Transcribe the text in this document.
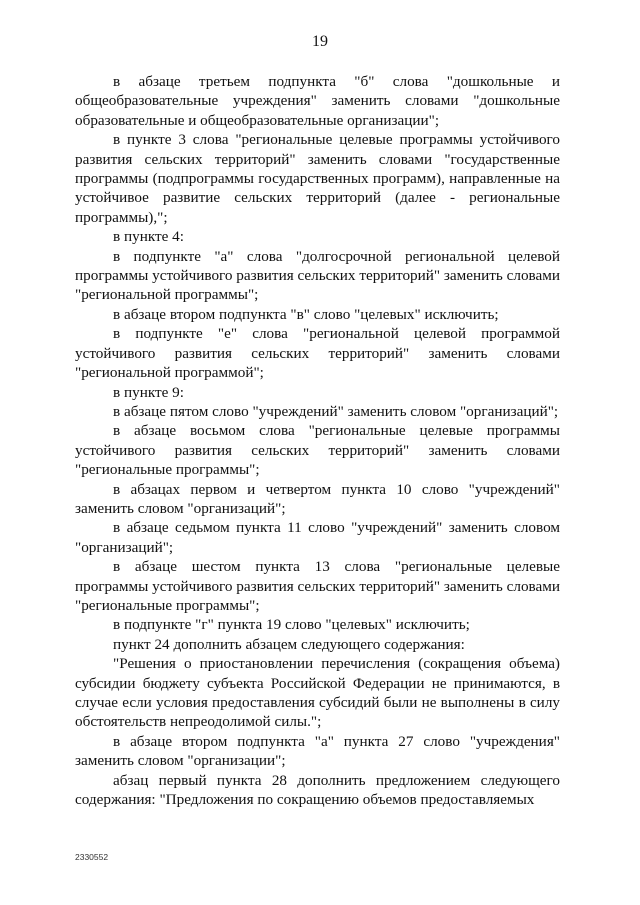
19

в абзаце третьем подпункта "б" слова "дошкольные и общеобразовательные учреждения" заменить словами "дошкольные образовательные и общеобразовательные организации";

в пункте 3 слова "региональные целевые программы устойчивого развития сельских территорий" заменить словами "государственные программы (подпрограммы государственных программ), направленные на устойчивое развитие сельских территорий (далее - региональные программы),";

в пункте 4:

в подпункте "а" слова "долгосрочной региональной целевой программы устойчивого развития сельских территорий" заменить словами "региональной программы";

в абзаце втором подпункта "в" слово "целевых" исключить;

в подпункте "е" слова "региональной целевой программой устойчивого развития сельских территорий" заменить словами "региональной программой";

в пункте 9:

в абзаце пятом слово "учреждений" заменить словом "организаций";

в абзаце восьмом слова "региональные целевые программы устойчивого развития сельских территорий" заменить словами "региональные программы";

в абзацах первом и четвертом пункта 10 слово "учреждений" заменить словом "организаций";

в абзаце седьмом пункта 11 слово "учреждений" заменить словом "организаций";

в абзаце шестом пункта 13 слова "региональные целевые программы устойчивого развития сельских территорий" заменить словами "региональные программы";

в подпункте "г" пункта 19 слово "целевых" исключить;

пункт 24 дополнить абзацем следующего содержания:

"Решения о приостановлении перечисления (сокращения объема) субсидии бюджету субъекта Российской Федерации не принимаются, в случае если условия предоставления субсидий были не выполнены в силу обстоятельств непреодолимой силы.";

в абзаце втором подпункта "а" пункта 27 слово "учреждения" заменить словом "организации";

абзац первый пункта 28 дополнить предложением следующего содержания: "Предложения по сокращению объемов предоставляемых

2330552
